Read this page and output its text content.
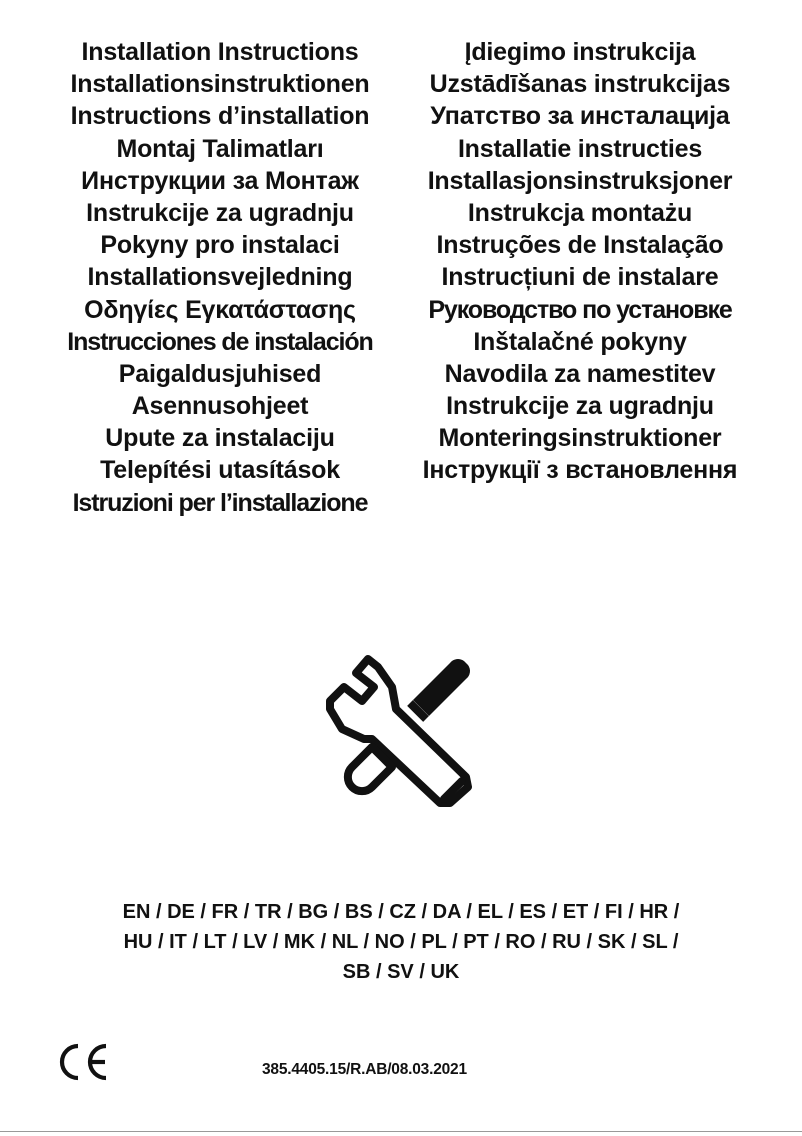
Installation Instructions
Installationsinstruktionen
Instructions d’installation
Montaj Talimatları
Инструкции за Монтаж
Instrukcije za ugradnju
Pokyny pro instalaci
Installationsvejledning
Οδηγίες Εγκατάστασης
Instrucciones de instalación
Paigaldusjuhised
Asennusohjeet
Upute za instalaciju
Telepítési utasítások
Istruzioni per l’installazione
Įdiegimo instrukcija
Uzstādīšanas instrukcijas
Упатство за инсталација
Installatie instructies
Installasjonsinstruksjoner
Instrukcja montażu
Instruções de Instalação
Instrucțiuni de instalare
Руководство по установке
Inštalačné pokyny
Navodila za namestitev
Instrukcije za ugradnju
Monteringsinstruktioner
Інструкції з встановлення
EN / DE / FR / TR / BG / BS / CZ / DA / EL / ES / ET / FI / HR /
HU / IT / LT / LV / MK / NL / NO / PL / PT / RO / RU / SK / SL /
SB / SV / UK
385.4405.15/R.AB/08.03.2021
